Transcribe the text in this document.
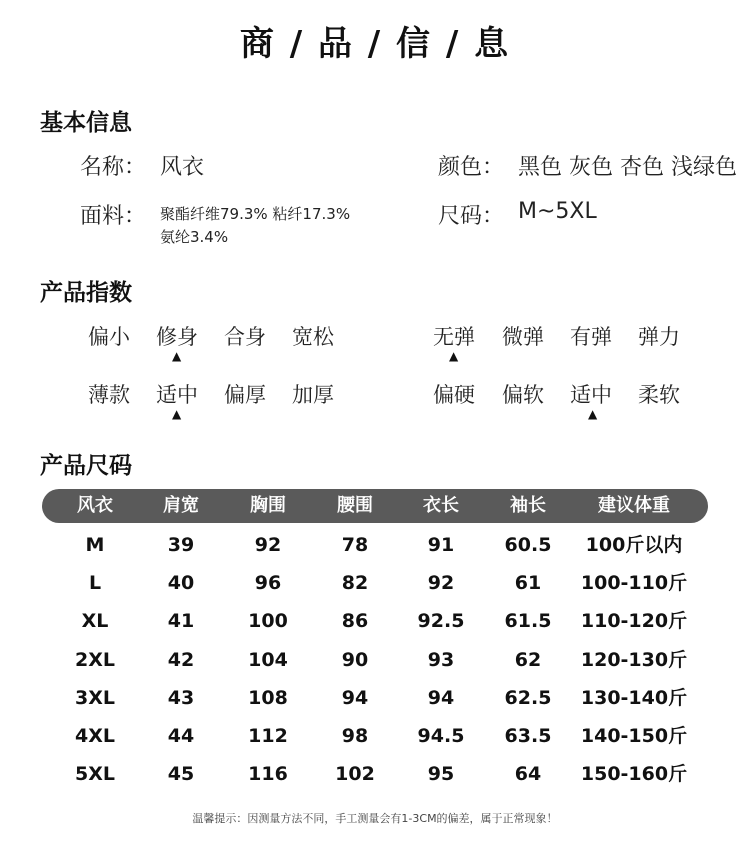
商 / 品 / 信 / 息
基本信息
名称： 风衣	颜色： 黑色 灰色 杏色 浅绿色
面料： 聚酯纤维79.3% 粘纤17.3%
氨纶3.4%
尺码： M~5XL
产品指数
偏小 修身 合身 宽松
▲
无弹 微弹 有弹 弹力
▲
薄款 适中 偏厚 加厚
▲
偏硬 偏软 适中 柔软
▲
产品尺码
风衣	肩宽	胸围	腰围	衣长	袖长	建议体重
M	39	92	78	91	60.5	100斤以内
L	40	96	82	92	61	100-110斤
XL	41	100	86	92.5	61.5	110-120斤
2XL	42	104	90	93	62	120-130斤
3XL	43	108	94	94	62.5	130-140斤
4XL	44	112	98	94.5	63.5	140-150斤
5XL	45	116	102	95	64	150-160斤
温馨提示：因测量方法不同，手工测量会有1-3CM的偏差，属于正常现象！
